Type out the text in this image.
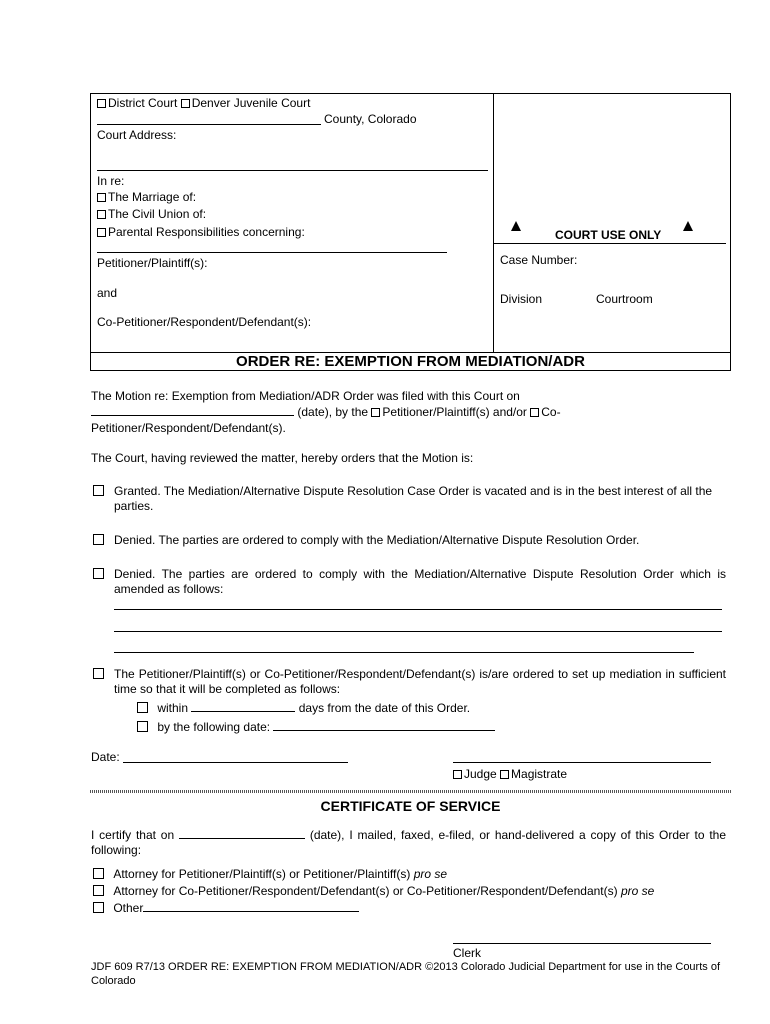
District Court Denver Juvenile Court
County, Colorado
Court Address:
In re:
The Marriage of:
The Civil Union of:
Parental Responsibilities concerning:
Petitioner/Plaintiff(s):
and
Co-Petitioner/Respondent/Defendant(s):
COURT USE ONLY
Case Number:
Division	Courtroom
ORDER RE: EXEMPTION FROM MEDIATION/ADR
The Motion re: Exemption from Mediation/ADR Order was filed with this Court on
(date), by the Petitioner/Plaintiff(s) and/or Co-
Petitioner/Respondent/Defendant(s).
The Court, having reviewed the matter, hereby orders that the Motion is:
Granted. The Mediation/Alternative Dispute Resolution Case Order is vacated and is in the best interest of all the parties.
Denied. The parties are ordered to comply with the Mediation/Alternative Dispute Resolution Order.
Denied. The parties are ordered to comply with the Mediation/Alternative Dispute Resolution Order which is amended as follows:
The Petitioner/Plaintiff(s) or Co-Petitioner/Respondent/Defendant(s) is/are ordered to set up mediation in sufficient time so that it will be completed as follows:
within	days from the date of this Order.
by the following date:
Date:
Judge Magistrate
CERTIFICATE OF SERVICE
I certify that on	(date), I mailed, faxed, e-filed, or hand-delivered a copy of this Order to the following:
Attorney for Petitioner/Plaintiff(s) or Petitioner/Plaintiff(s) pro se
Attorney for Co-Petitioner/Respondent/Defendant(s) or Co-Petitioner/Respondent/Defendant(s) pro se
Other
Clerk
JDF 609 R7/13 ORDER RE: EXEMPTION FROM MEDIATION/ADR ©2013 Colorado Judicial Department for use in the Courts of Colorado
